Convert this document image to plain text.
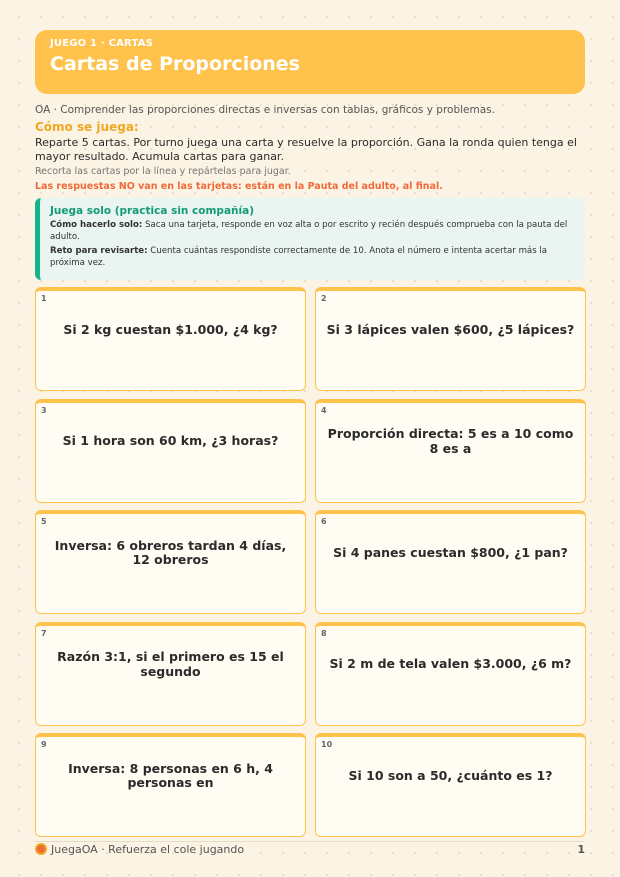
JUEGO 1 · CARTAS
Cartas de Proporciones
OA · Comprender las proporciones directas e inversas con tablas, gráficos y problemas.
Cómo se juega:
Reparte 5 cartas. Por turno juega una carta y resuelve la proporción. Gana la ronda quien tenga el mayor resultado. Acumula cartas para ganar.
Recorta las cartas por la línea y repártelas para jugar.
Las respuestas NO van en las tarjetas: están en la Pauta del adulto, al final.
Juega solo (practica sin compañía)
Cómo hacerlo solo: Saca una tarjeta, responde en voz alta o por escrito y recién después comprueba con la pauta del adulto.
Reto para revisarte: Cuenta cuántas respondiste correctamente de 10. Anota el número e intenta acertar más la próxima vez.
1
Si 2 kg cuestan $1.000, ¿4 kg?
2
Si 3 lápices valen $600, ¿5 lápices?
3
Si 1 hora son 60 km, ¿3 horas?
4
Proporción directa: 5 es a 10 como 8 es a
5
Inversa: 6 obreros tardan 4 días, 12 obreros
6
Si 4 panes cuestan $800, ¿1 pan?
7
Razón 3:1, si el primero es 15 el segundo
8
Si 2 m de tela valen $3.000, ¿6 m?
9
Inversa: 8 personas en 6 h, 4 personas en
10
Si 10 son a 50, ¿cuánto es 1?
JuegaOA · Refuerza el cole jugando	1
